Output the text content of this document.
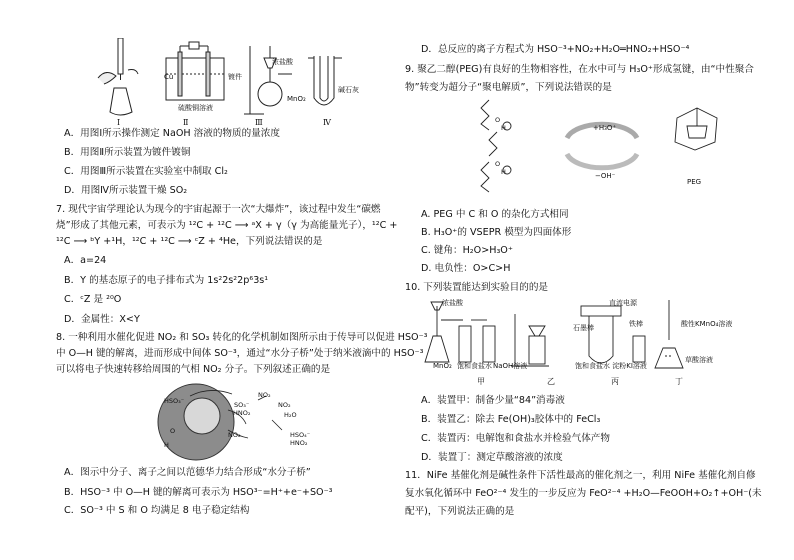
Cu	镀件
硫酸铜溶液
浓盐酸
MnO₂
碱石灰
Ⅰ	Ⅱ	Ⅲ	Ⅳ
A．用图Ⅰ所示操作测定 NaOH 溶液的物质的量浓度
B．用图Ⅱ所示装置为镀件镀铜
C．用图Ⅲ所示装置在实验室中制取 Cl₂
D．用图Ⅳ所示装置干燥 SO₂
7. 现代宇宙学理论认为现今的宇宙起源于一次“大爆炸”，该过程中发生“碳燃
烧”形成了其他元素，可表示为 ¹²C + ¹²C ⟶ ᵃX + γ（γ 为高能量光子），¹²C +
¹²C ⟶ ᵇY +¹H，¹²C + ¹²C ⟶ ᶜZ + ⁴He，下列说法错误的是
A．a=24
B．Y 的基态原子的电子排布式为 1s²2s²2p⁶3s¹
C．ᶜZ 是 ²⁰O
D．金属性：X<Y
8. 一种利用水催化促进 NO₂ 和 SO₃ 转化的化学机制如图所示由于传导可以促进 HSO⁻³
中 O—H 键的解离，进而形成中间体 SO⁻³，通过“水分子桥”处于纳米液滴中的 HSO⁻³
可以将电子快速转移给周围的气相 NO₂ 分子。下列叙述正确的是
HSO₃⁻
O
H
SO₃⁻
HNO₂
NO₂
NO₂
H₂O
NO₂	HSO₄⁻
HNO₂
A．图示中分子、离子之间以范德华力结合形成“水分子桥”
B．HSO⁻³ 中 O—H 键的解离可表示为 HSO³⁻=H⁺+e⁻+SO⁻³
C．SO⁻³ 中 S 和 O 均满足 8 电子稳定结构
D．总反应的离子方程式为 HSO⁻³+NO₂+H₂O═HNO₂+HSO⁻⁴
9. 聚乙二醇(PEG)有良好的生物相容性，在水中可与 H₃O⁺形成氢键，由“中性聚合
物”转变为超分子“聚电解质”，下列说法错误的是
O
H
O
H
+H₃O⁺
−OH⁻
PEG
A. PEG 中 C 和 O 的杂化方式相同
B. H₃O⁺的 VSEPR 模型为四面体形
C. 键角：H₂O>H₃O⁺
D. 电负性：O>C>H
10. 下列装置能达到实验目的的是
浓盐酸
MnO₂ 饱和食盐水 NaOH溶液
直流电源
石墨棒	铁棒
饱和食盐水 淀粉KI溶液
酸性KMnO₄溶液
草酸溶液
甲	乙	丙	丁
A．装置甲：制备少量“84”消毒液
B．装置乙：除去 Fe(OH)₃胶体中的 FeCl₃
C．装置丙：电解饱和食盐水并检验气体产物
D．装置丁：测定草酸溶液的浓度
11．NiFe 基催化剂是碱性条件下活性最高的催化剂之一，利用 NiFe 基催化剂自修
复水氧化循环中 FeO²⁻⁴ 发生的一步反应为 FeO²⁻⁴ +H₂O—FeOOH+O₂↑+OH⁻(未
配平)，下列说法正确的是
